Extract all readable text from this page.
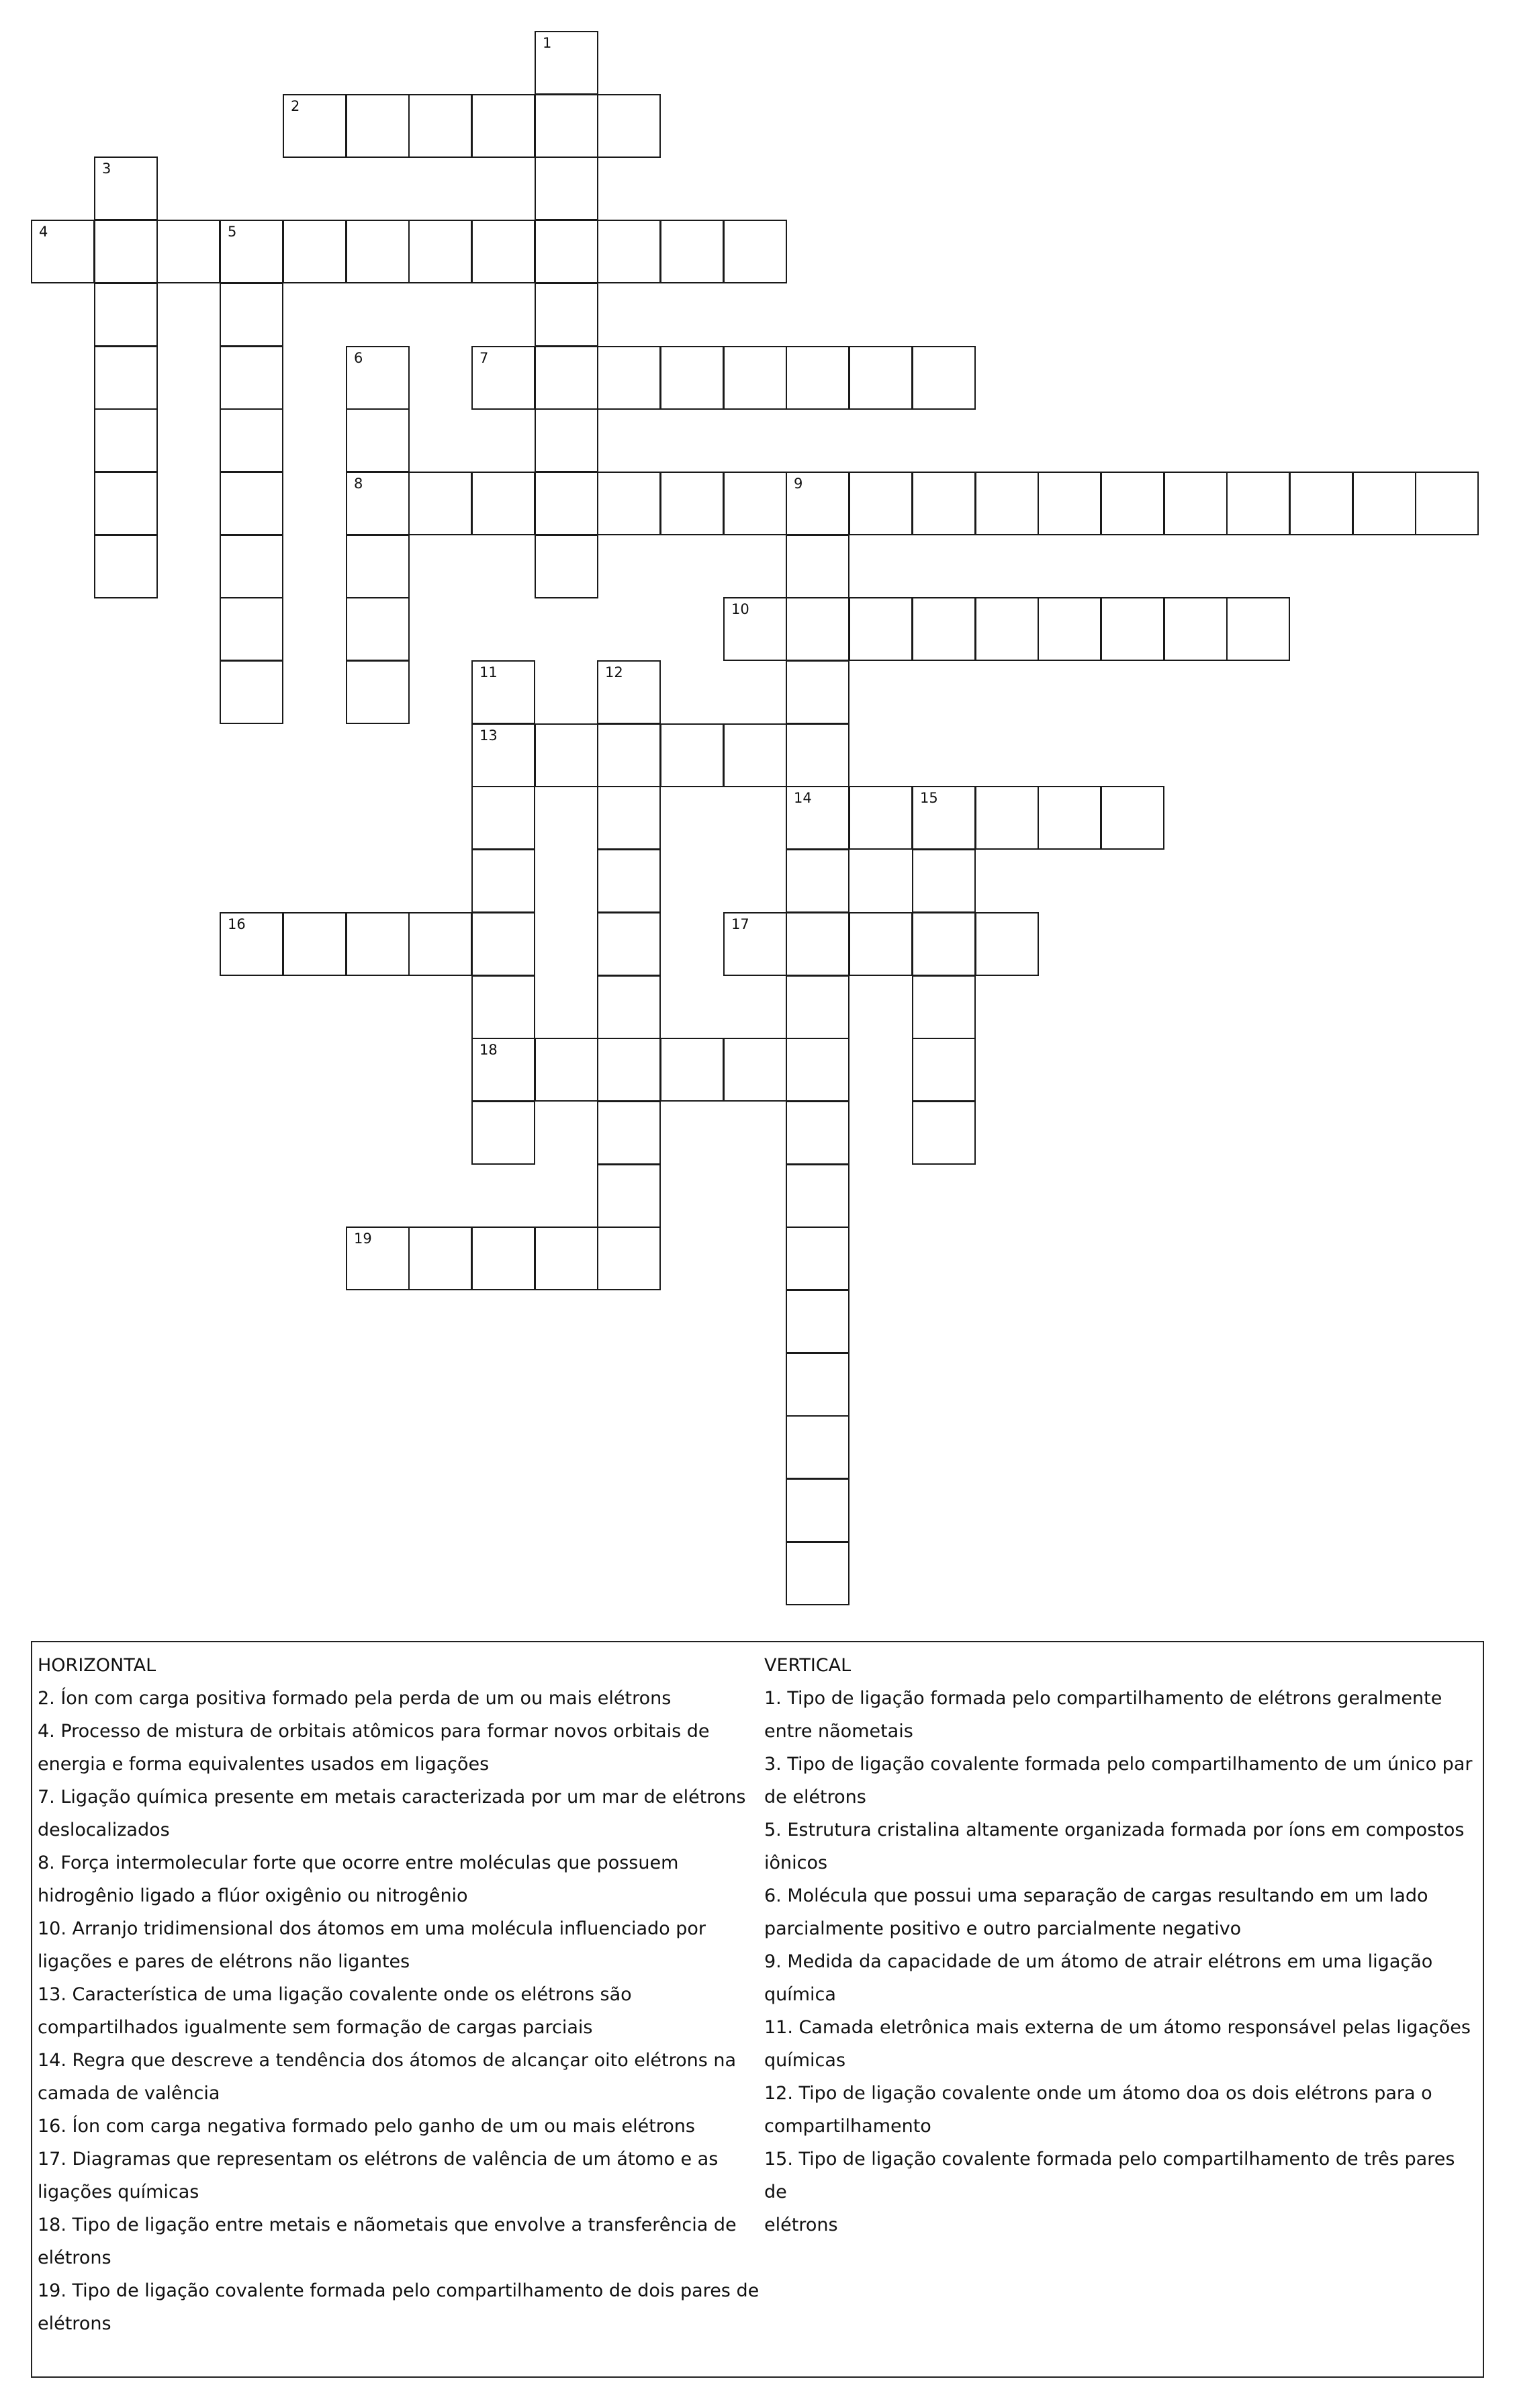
2
4	5
7
8	9
10
13
14	15
16	17
18
19
1
3
6
11	12
HORIZONTAL
2. Íon com carga positiva formado pela perda de um ou mais elétrons
4. Processo de mistura de orbitais atômicos para formar novos orbitais de
energia e forma equivalentes usados em ligações
7. Ligação química presente em metais caracterizada por um mar de elétrons
deslocalizados
8. Força intermolecular forte que ocorre entre moléculas que possuem
hidrogênio ligado a flúor oxigênio ou nitrogênio
10. Arranjo tridimensional dos átomos em uma molécula influenciado por
ligações e pares de elétrons não ligantes
13. Característica de uma ligação covalente onde os elétrons são
compartilhados igualmente sem formação de cargas parciais
14. Regra que descreve a tendência dos átomos de alcançar oito elétrons na
camada de valência
16. Íon com carga negativa formado pelo ganho de um ou mais elétrons
17. Diagramas que representam os elétrons de valência de um átomo e as
ligações químicas
18. Tipo de ligação entre metais e nãometais que envolve a transferência de
elétrons
19. Tipo de ligação covalente formada pelo compartilhamento de dois pares de
elétrons
VERTICAL
1. Tipo de ligação formada pelo compartilhamento de elétrons geralmente
entre nãometais
3. Tipo de ligação covalente formada pelo compartilhamento de um único par
de elétrons
5. Estrutura cristalina altamente organizada formada por íons em compostos
iônicos
6. Molécula que possui uma separação de cargas resultando em um lado
parcialmente positivo e outro parcialmente negativo
9. Medida da capacidade de um átomo de atrair elétrons em uma ligação
química
11. Camada eletrônica mais externa de um átomo responsável pelas ligações
químicas
12. Tipo de ligação covalente onde um átomo doa os dois elétrons para o
compartilhamento
15. Tipo de ligação covalente formada pelo compartilhamento de três pares de
elétrons
